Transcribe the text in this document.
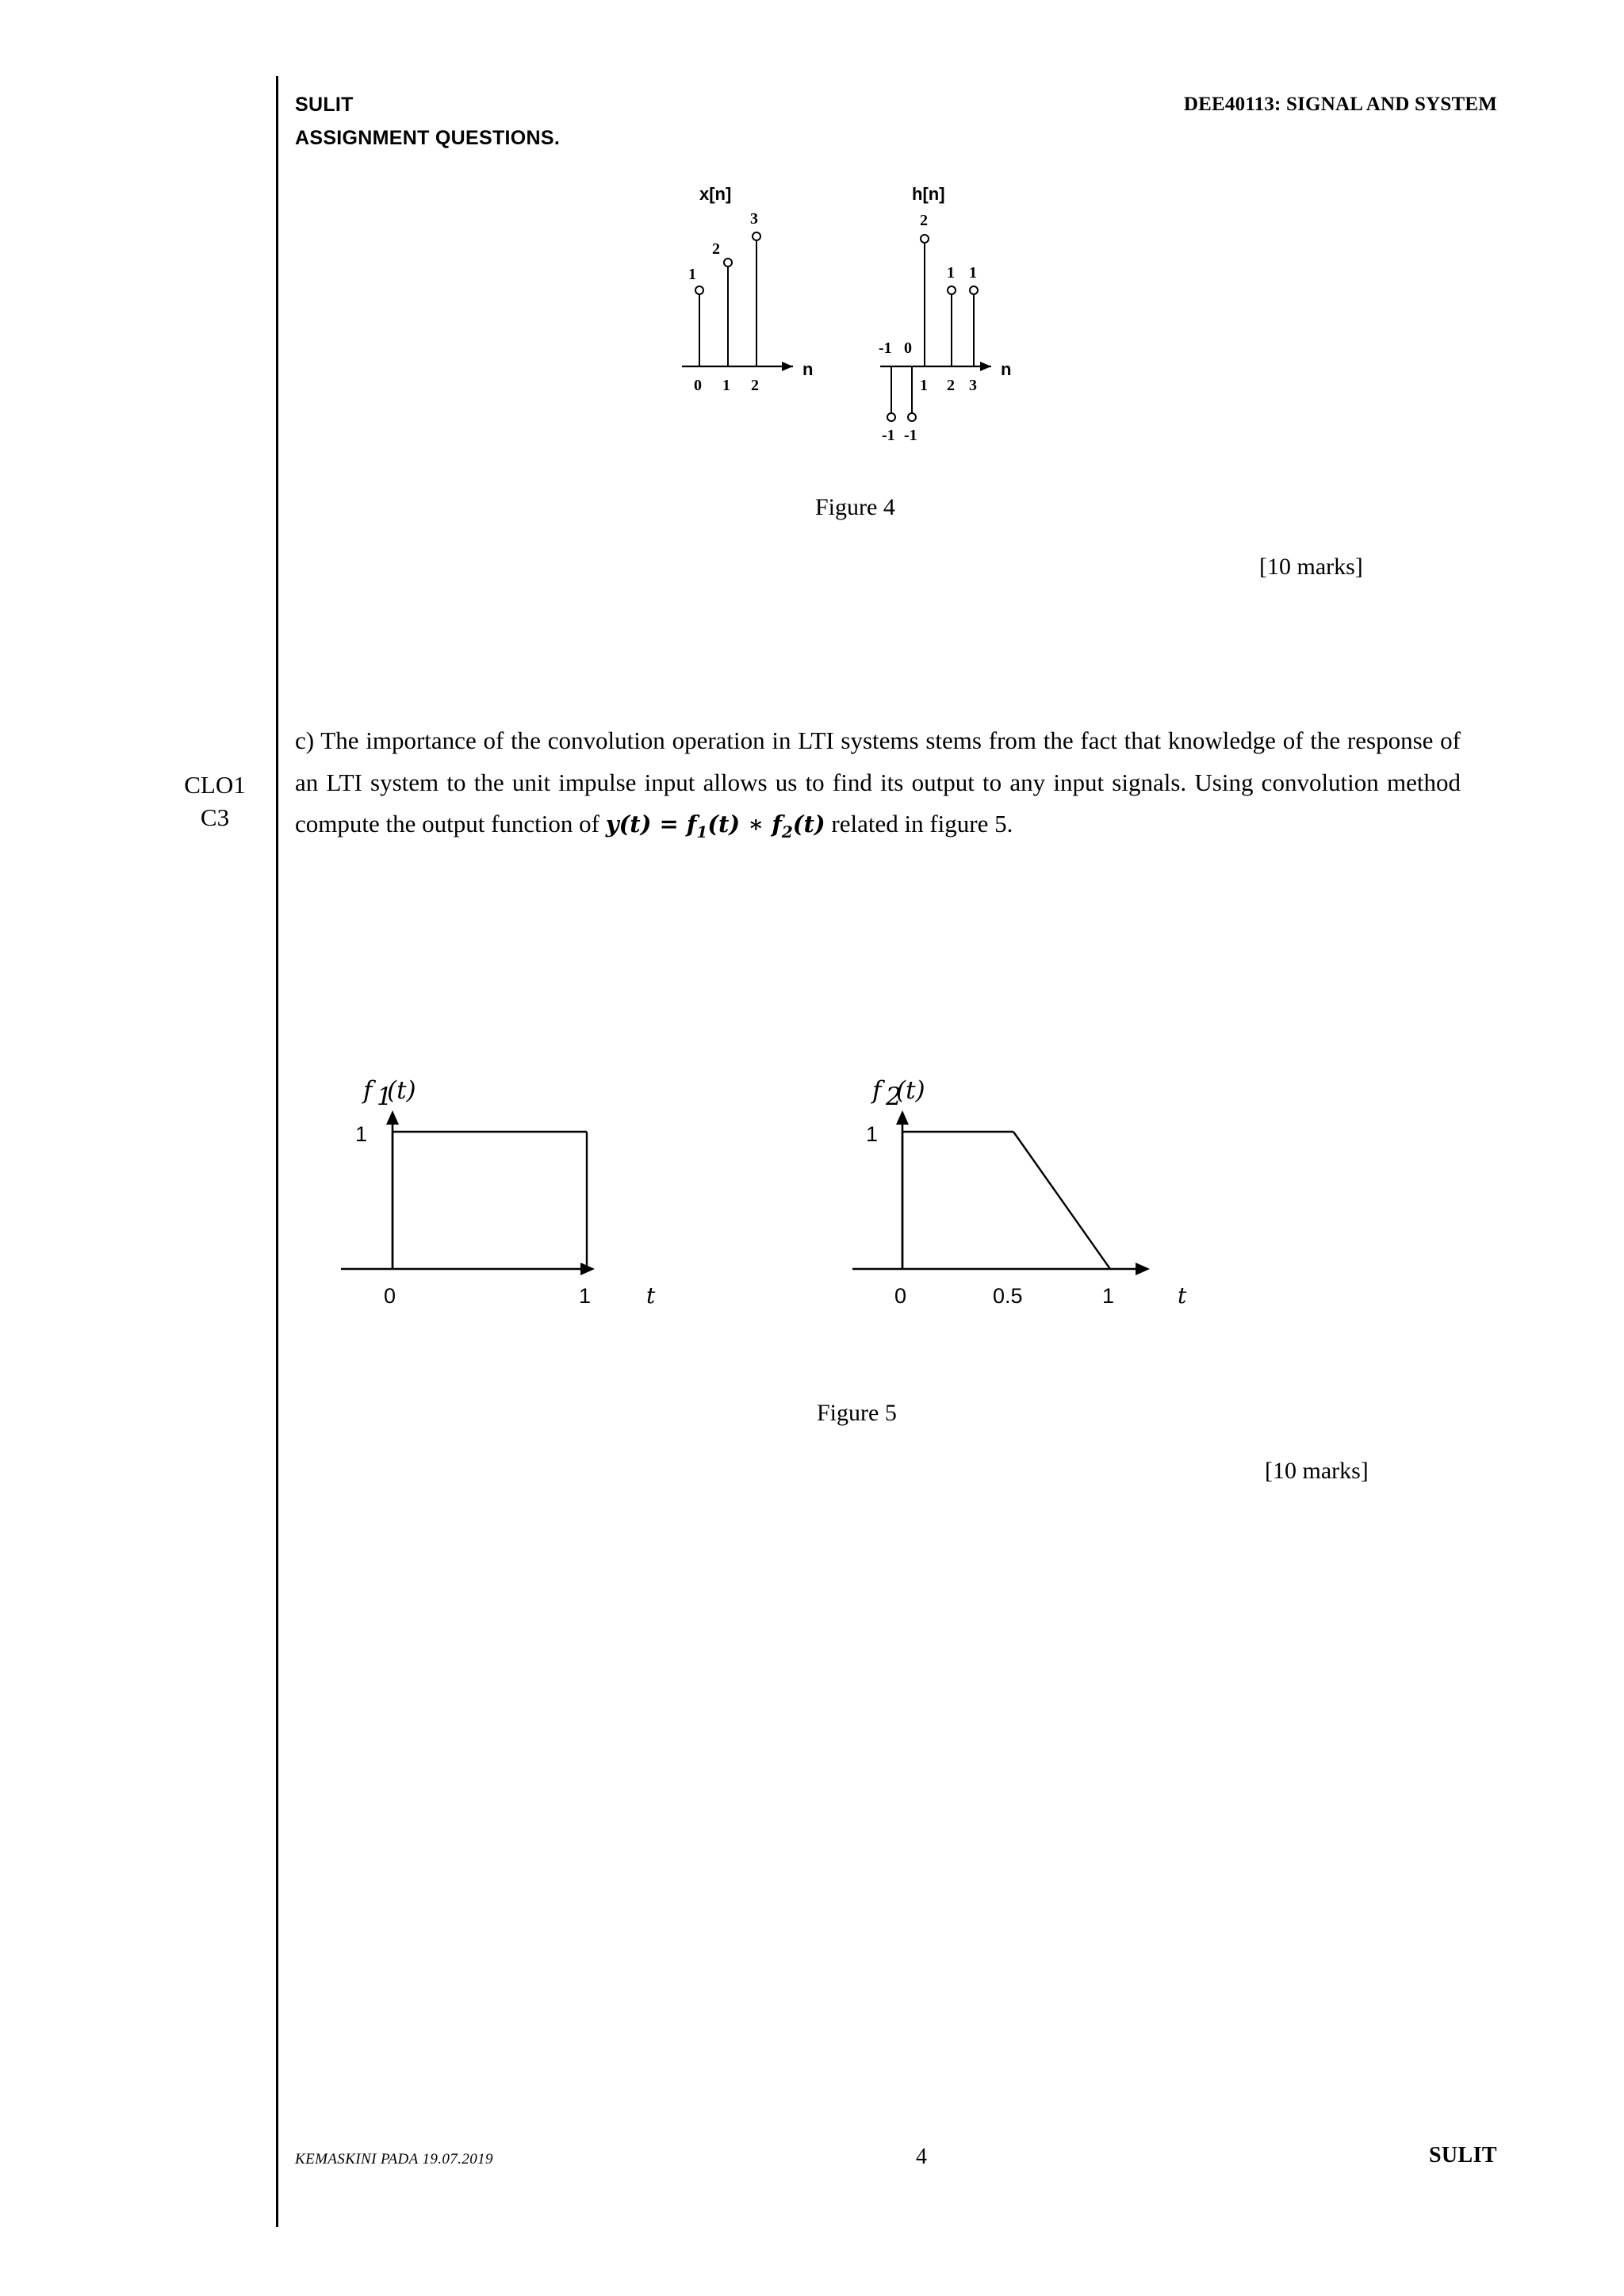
SULIT
ASSIGNMENT QUESTIONS.
DEE40113: SIGNAL AND SYSTEM
x[n]
n
1
2
3
0 1 2
h[n]
n
-1 -1
-1 0
2
1 1
1 2 3
Figure 4
[10 marks]
CLO1
C3
c) The importance of the convolution operation in LTI systems stems from the fact that knowledge of the response of an LTI system to the unit impulse input allows us to find its output to any input signals. Using convolution method compute the output function of $y(t) = f_1(t)$ ∗ $f_2(t)$ related in figure 5.
f 1
(t)
1
0	1 t
f 2
(t)
1
0	0.5	1	t
Figure 5
[10 marks]
KEMASKINI PADA 19.07.2019	4	SULIT
